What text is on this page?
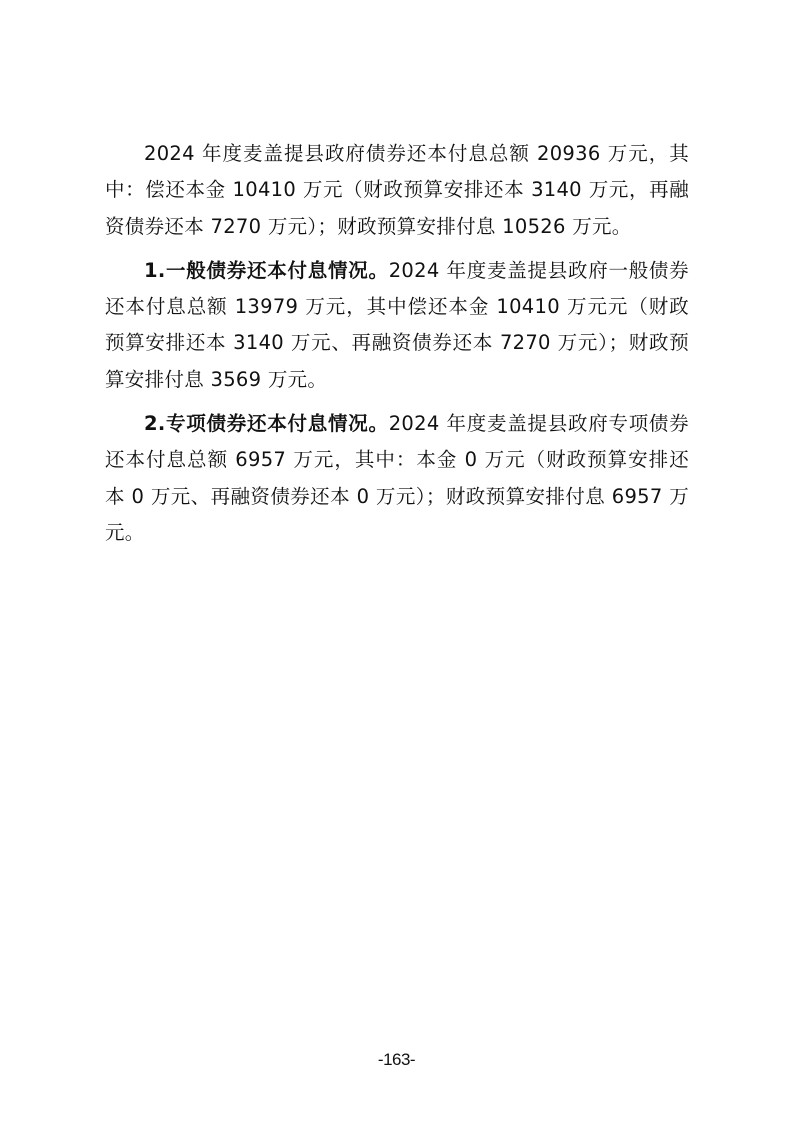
2024 年度麦盖提县政府债券还本付息总额 20936 万元，其中：偿还本金 10410 万元（财政预算安排还本 3140 万元，再融资债券还本 7270 万元）；财政预算安排付息 10526 万元。

1.一般债券还本付息情况。2024 年度麦盖提县政府一般债券还本付息总额 13979 万元，其中偿还本金 10410 万元元（财政预算安排还本 3140 万元、再融资债券还本 7270 万元）；财政预算安排付息 3569 万元。

2.专项债券还本付息情况。2024 年度麦盖提县政府专项债券还本付息总额 6957 万元，其中：本金 0 万元（财政预算安排还本 0 万元、再融资债券还本 0 万元）；财政预算安排付息 6957 万元。

-163-
